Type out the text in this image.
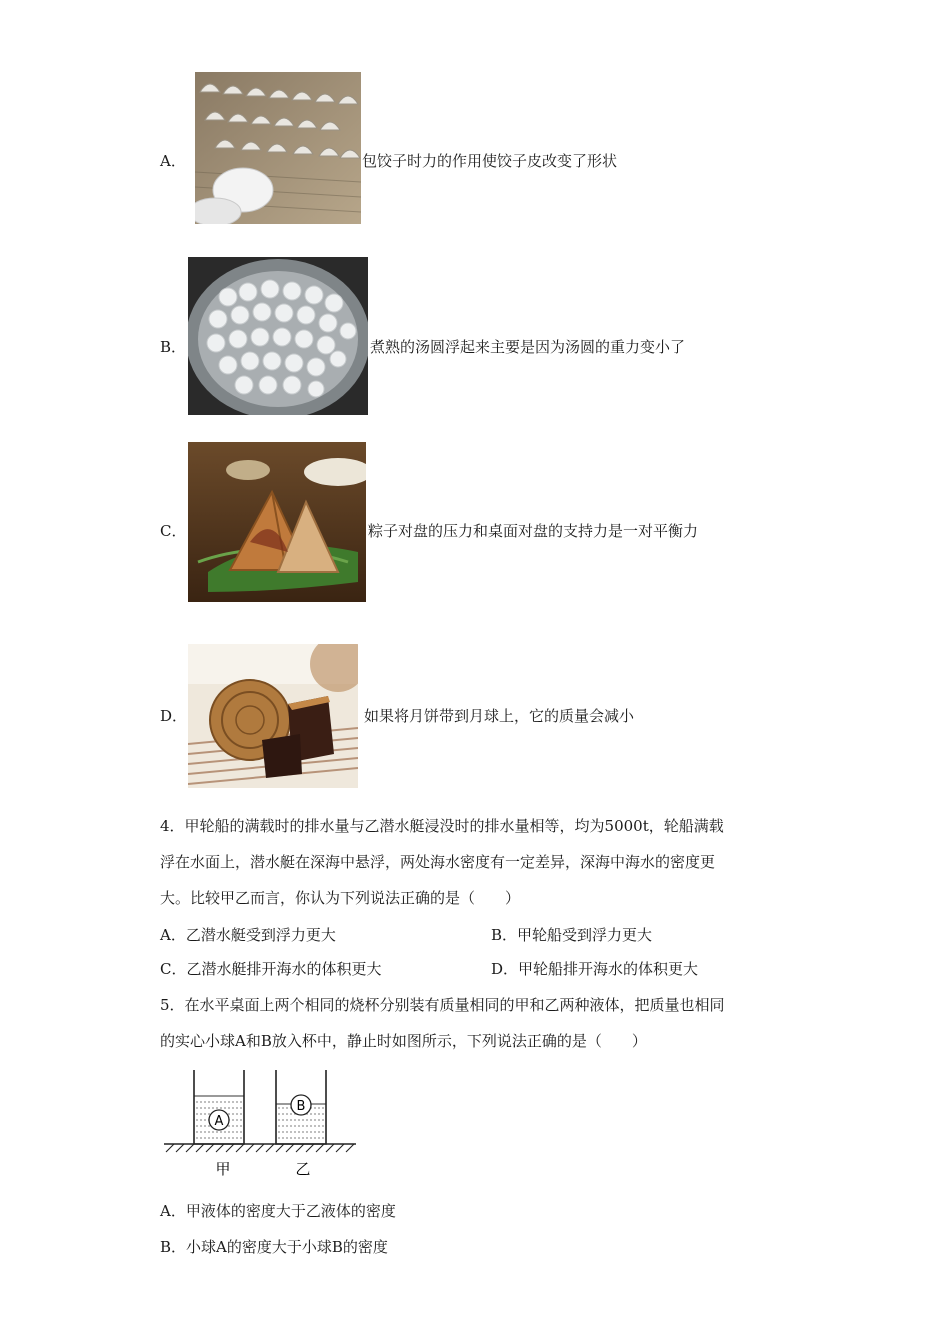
A．	包饺子时力的作用使饺子皮改变了形状
B．	煮熟的汤圆浮起来主要是因为汤圆的重力变小了
C．	粽子对盘的压力和桌面对盘的支持力是一对平衡力
D．	如果将月饼带到月球上，它的质量会减小
4．甲轮船的满载时的排水量与乙潜水艇浸没时的排水量相等，均为5000t，轮船满载
浮在水面上，潜水艇在深海中悬浮，两处海水密度有一定差异，深海中海水的密度更
大。比较甲乙而言，你认为下列说法正确的是（　　）
A．乙潜水艇受到浮力更大	B．甲轮船受到浮力更大
C．乙潜水艇排开海水的体积更大	D．甲轮船排开海水的体积更大
5．在水平桌面上两个相同的烧杯分别装有质量相同的甲和乙两种液体，把质量也相同
的实心小球A和B放入杯中，静止时如图所示，下列说法正确的是（　　）
A
B
甲	乙
A．甲液体的密度大于乙液体的密度
B．小球A的密度大于小球B的密度
